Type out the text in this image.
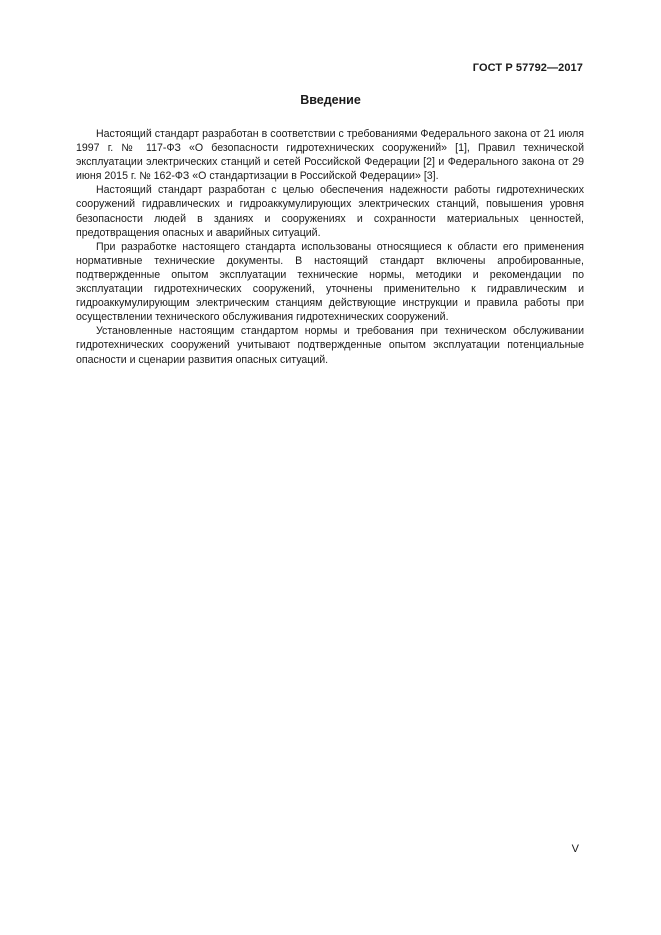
ГОСТ Р 57792—2017
Введение

Настоящий стандарт разработан в соответствии с требованиями Федерального закона от 21 июля 1997 г. № 117-ФЗ «О безопасности гидротехнических сооружений» [1], Правил технической эксплуатации электрических станций и сетей Российской Федерации [2] и Федерального закона от 29 июня 2015 г. № 162-ФЗ «О стандартизации в Российской Федерации» [3].

Настоящий стандарт разработан с целью обеспечения надежности работы гидротехнических сооружений гидравлических и гидроаккумулирующих электрических станций, повышения уровня безопасности людей в зданиях и сооружениях и сохранности материальных ценностей, предотвращения опасных и аварийных ситуаций.

При разработке настоящего стандарта использованы относящиеся к области его применения нормативные технические документы. В настоящий стандарт включены апробированные, подтвержденные опытом эксплуатации технические нормы, методики и рекомендации по эксплуатации гидротехнических сооружений, уточнены применительно к гидравлическим и гидроаккумулирующим электрическим станциям действующие инструкции и правила работы при осуществлении технического обслуживания гидротехнических сооружений.

Установленные настоящим стандартом нормы и требования при техническом обслуживании гидротехнических сооружений учитывают подтвержденные опытом эксплуатации потенциальные опасности и сценарии развития опасных ситуаций.

V
